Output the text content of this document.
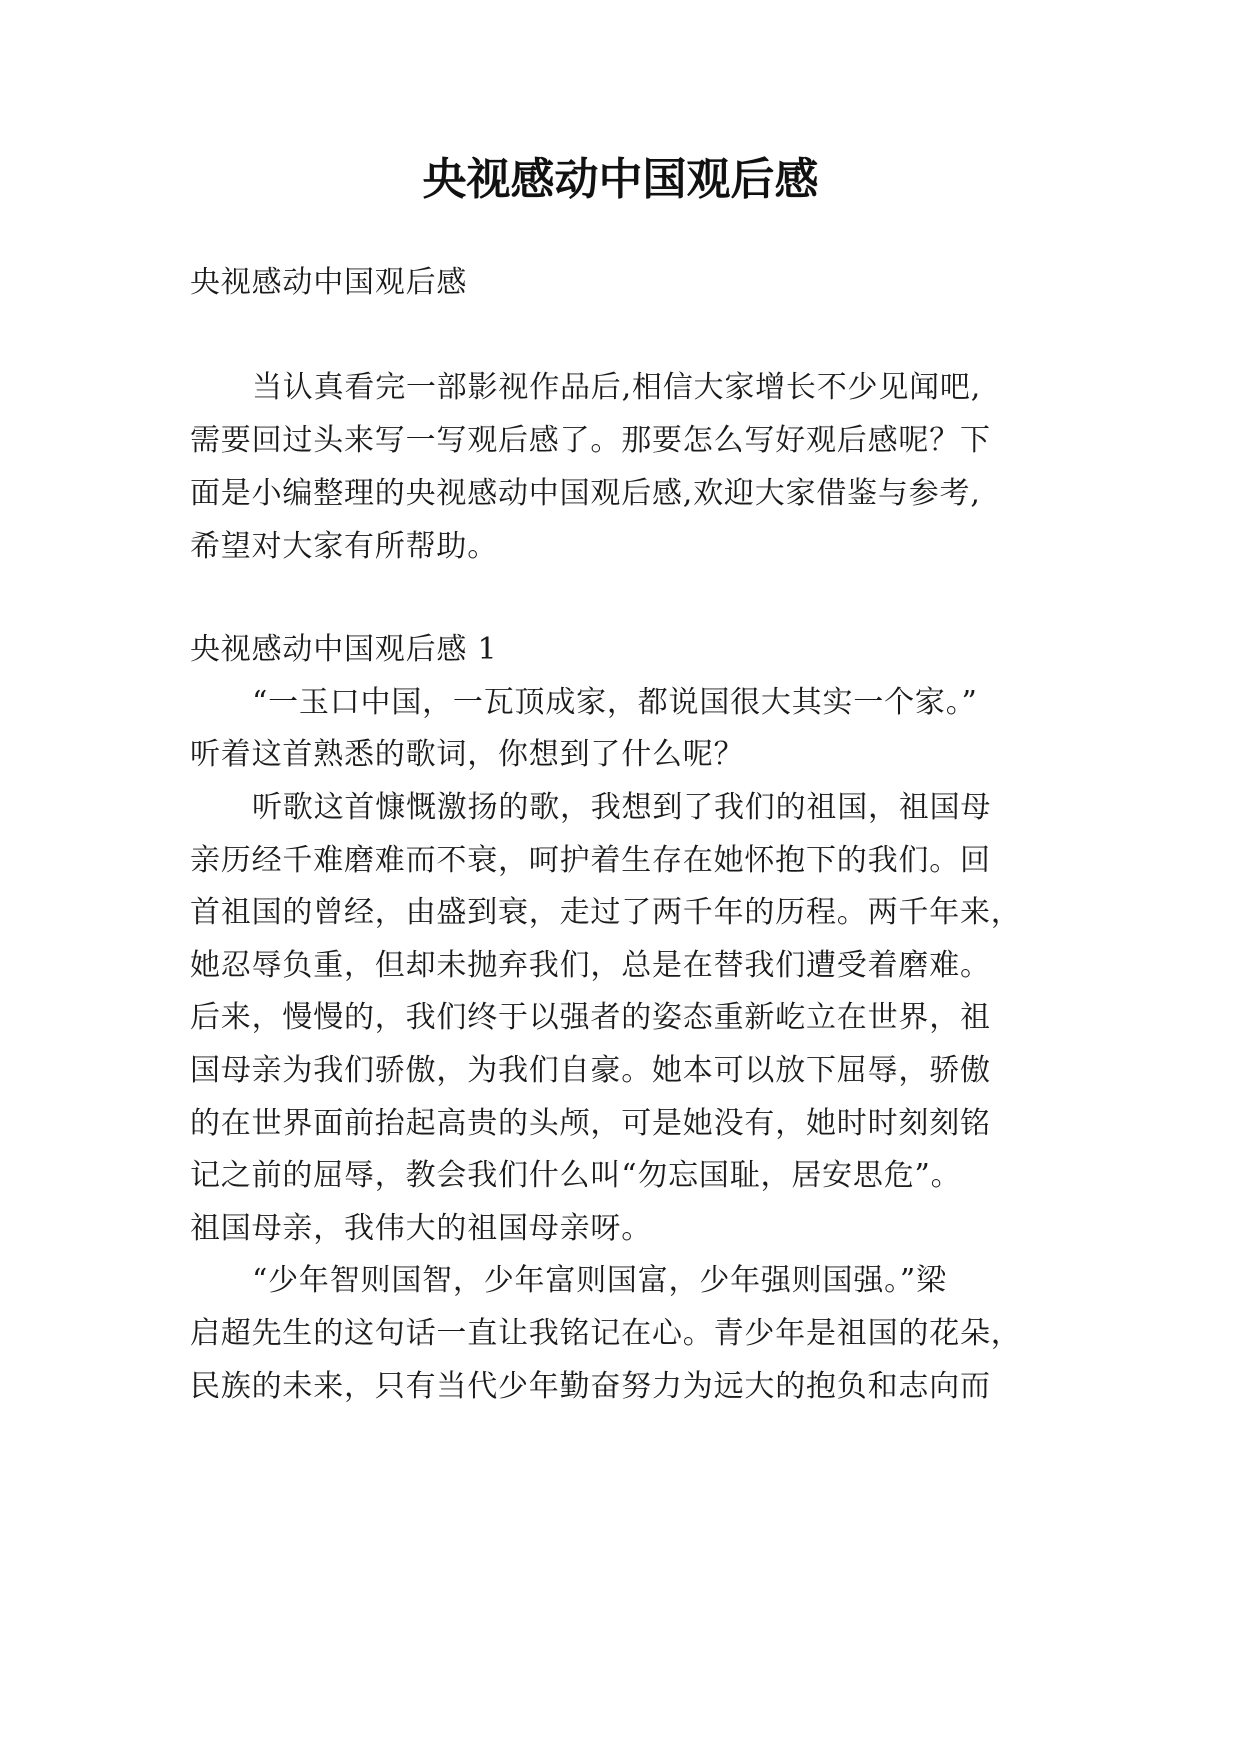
央视感动中国观后感
央视感动中国观后感
当认真看完一部影视作品后,相信大家增长不少见闻吧,
需要回过头来写一写观后感了。那要怎么写好观后感呢？下
面是小编整理的央视感动中国观后感,欢迎大家借鉴与参考,
希望对大家有所帮助。
央视感动中国观后感 1
“一玉口中国，一瓦顶成家，都说国很大其实一个家。”
听着这首熟悉的歌词，你想到了什么呢？
听歌这首慷慨激扬的歌，我想到了我们的祖国，祖国母
亲历经千难磨难而不衰，呵护着生存在她怀抱下的我们。回
首祖国的曾经，由盛到衰，走过了两千年的历程。两千年来，
她忍辱负重，但却未抛弃我们，总是在替我们遭受着磨难。
后来，慢慢的，我们终于以强者的姿态重新屹立在世界，祖
国母亲为我们骄傲，为我们自豪。她本可以放下屈辱，骄傲
的在世界面前抬起高贵的头颅，可是她没有，她时时刻刻铭
记之前的屈辱，教会我们什么叫“勿忘国耻，居安思危”。
祖国母亲，我伟大的祖国母亲呀。
“少年智则国智，少年富则国富，少年强则国强。”梁
启超先生的这句话一直让我铭记在心。青少年是祖国的花朵，
民族的未来，只有当代少年勤奋努力为远大的抱负和志向而
